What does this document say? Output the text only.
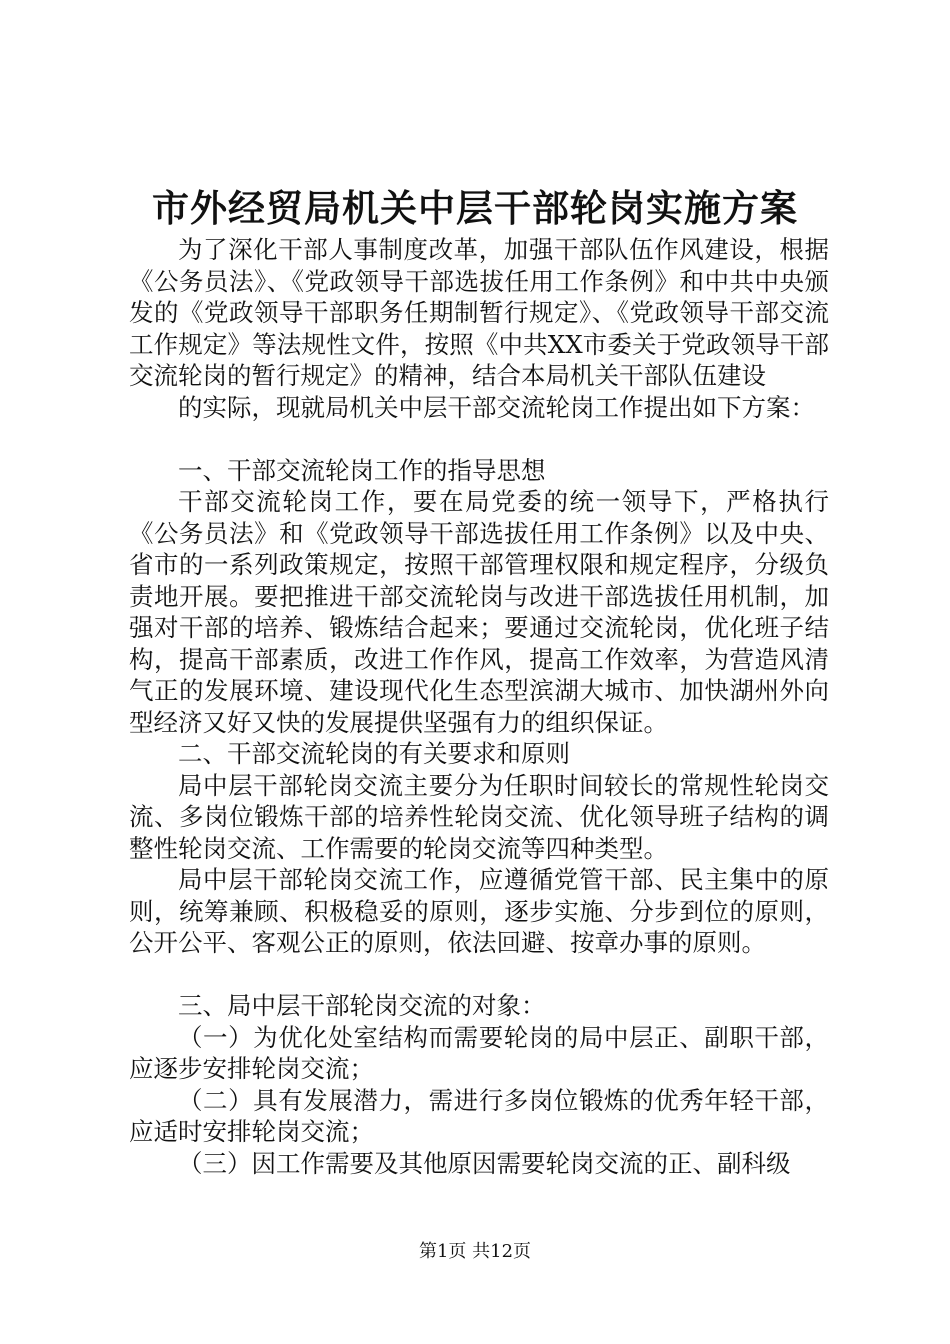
市外经贸局机关中层干部轮岗实施方案

为了深化干部人事制度改革，加强干部队伍作风建设，根据《公务员法》、《党政领导干部选拔任用工作条例》和中共中央颁发的《党政领导干部职务任期制暂行规定》、《党政领导干部交流工作规定》等法规性文件，按照《中共XX市委关于党政领导干部交流轮岗的暂行规定》的精神，结合本局机关干部队伍建设

的实际，现就局机关中层干部交流轮岗工作提出如下方案：

一、干部交流轮岗工作的指导思想

干部交流轮岗工作，要在局党委的统一领导下，严格执行《公务员法》和《党政领导干部选拔任用工作条例》以及中央、省市的一系列政策规定，按照干部管理权限和规定程序，分级负责地开展。要把推进干部交流轮岗与改进干部选拔任用机制，加强对干部的培养、锻炼结合起来；要通过交流轮岗，优化班子结构，提高干部素质，改进工作作风，提高工作效率，为营造风清气正的发展环境、建设现代化生态型滨湖大城市、加快湖州外向型经济又好又快的发展提供坚强有力的组织保证。

二、干部交流轮岗的有关要求和原则

局中层干部轮岗交流主要分为任职时间较长的常规性轮岗交流、多岗位锻炼干部的培养性轮岗交流、优化领导班子结构的调整性轮岗交流、工作需要的轮岗交流等四种类型。

局中层干部轮岗交流工作，应遵循党管干部、民主集中的原则，统筹兼顾、积极稳妥的原则，逐步实施、分步到位的原则，公开公平、客观公正的原则，依法回避、按章办事的原则。

三、局中层干部轮岗交流的对象：

（一）为优化处室结构而需要轮岗的局中层正、副职干部，应逐步安排轮岗交流；

（二）具有发展潜力，需进行多岗位锻炼的优秀年轻干部，应适时安排轮岗交流；

（三）因工作需要及其他原因需要轮岗交流的正、副科级

第1页 共12页
